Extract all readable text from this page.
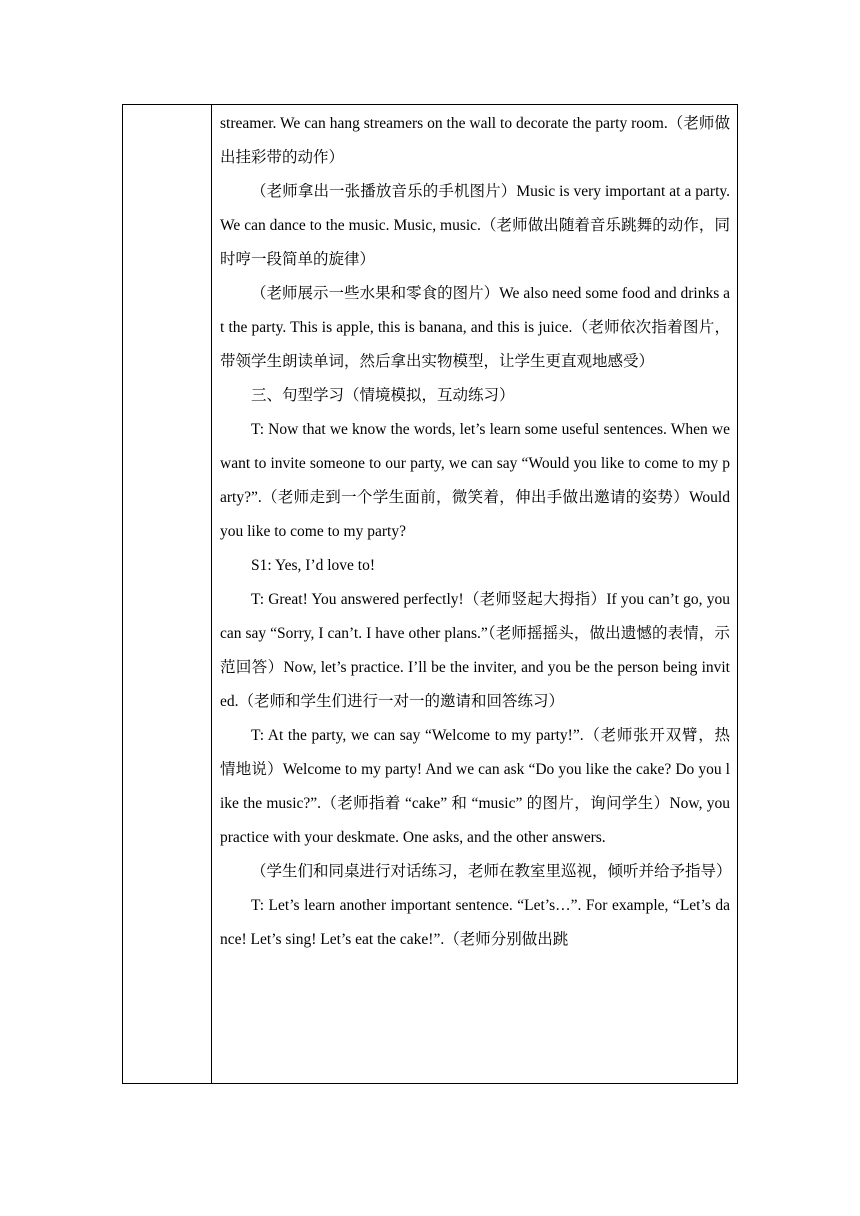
streamer. We can hang streamers on the wall to decorate the party room.（老师做出挂彩带的动作）

（老师拿出一张播放音乐的手机图片）Music is very important at a party. We can dance to the music. Music, music.（老师做出随着音乐跳舞的动作，同时哼一段简单的旋律）

（老师展示一些水果和零食的图片）We also need some food and drinks at the party. This is apple, this is banana, and this is juice.（老师依次指着图片，带领学生朗读单词，然后拿出实物模型，让学生更直观地感受）

三、句型学习（情境模拟，互动练习）

T: Now that we know the words, let’s learn some useful sentences. When we want to invite someone to our party, we can say “Would you like to come to my party?”.（老师走到一个学生面前，微笑着，伸出手做出邀请的姿势）Would you like to come to my party?

S1: Yes, I’d love to!

T: Great! You answered perfectly!（老师竖起大拇指）If you can’t go, you can say “Sorry, I can’t. I have other plans.”（老师摇摇头，做出遗憾的表情，示范回答）Now, let’s practice. I’ll be the inviter, and you be the person being invited.（老师和学生们进行一对一的邀请和回答练习）

T: At the party, we can say “Welcome to my party!”.（老师张开双臂，热情地说）Welcome to my party! And we can ask “Do you like the cake? Do you like the music?”.（老师指着 “cake” 和 “music” 的图片，询问学生）Now, you practice with your deskmate. One asks, and the other answers.

（学生们和同桌进行对话练习，老师在教室里巡视，倾听并给予指导）

T: Let’s learn another important sentence. “Let’s…”. For example, “Let’s dance! Let’s sing! Let’s eat the cake!”.（老师分别做出跳
